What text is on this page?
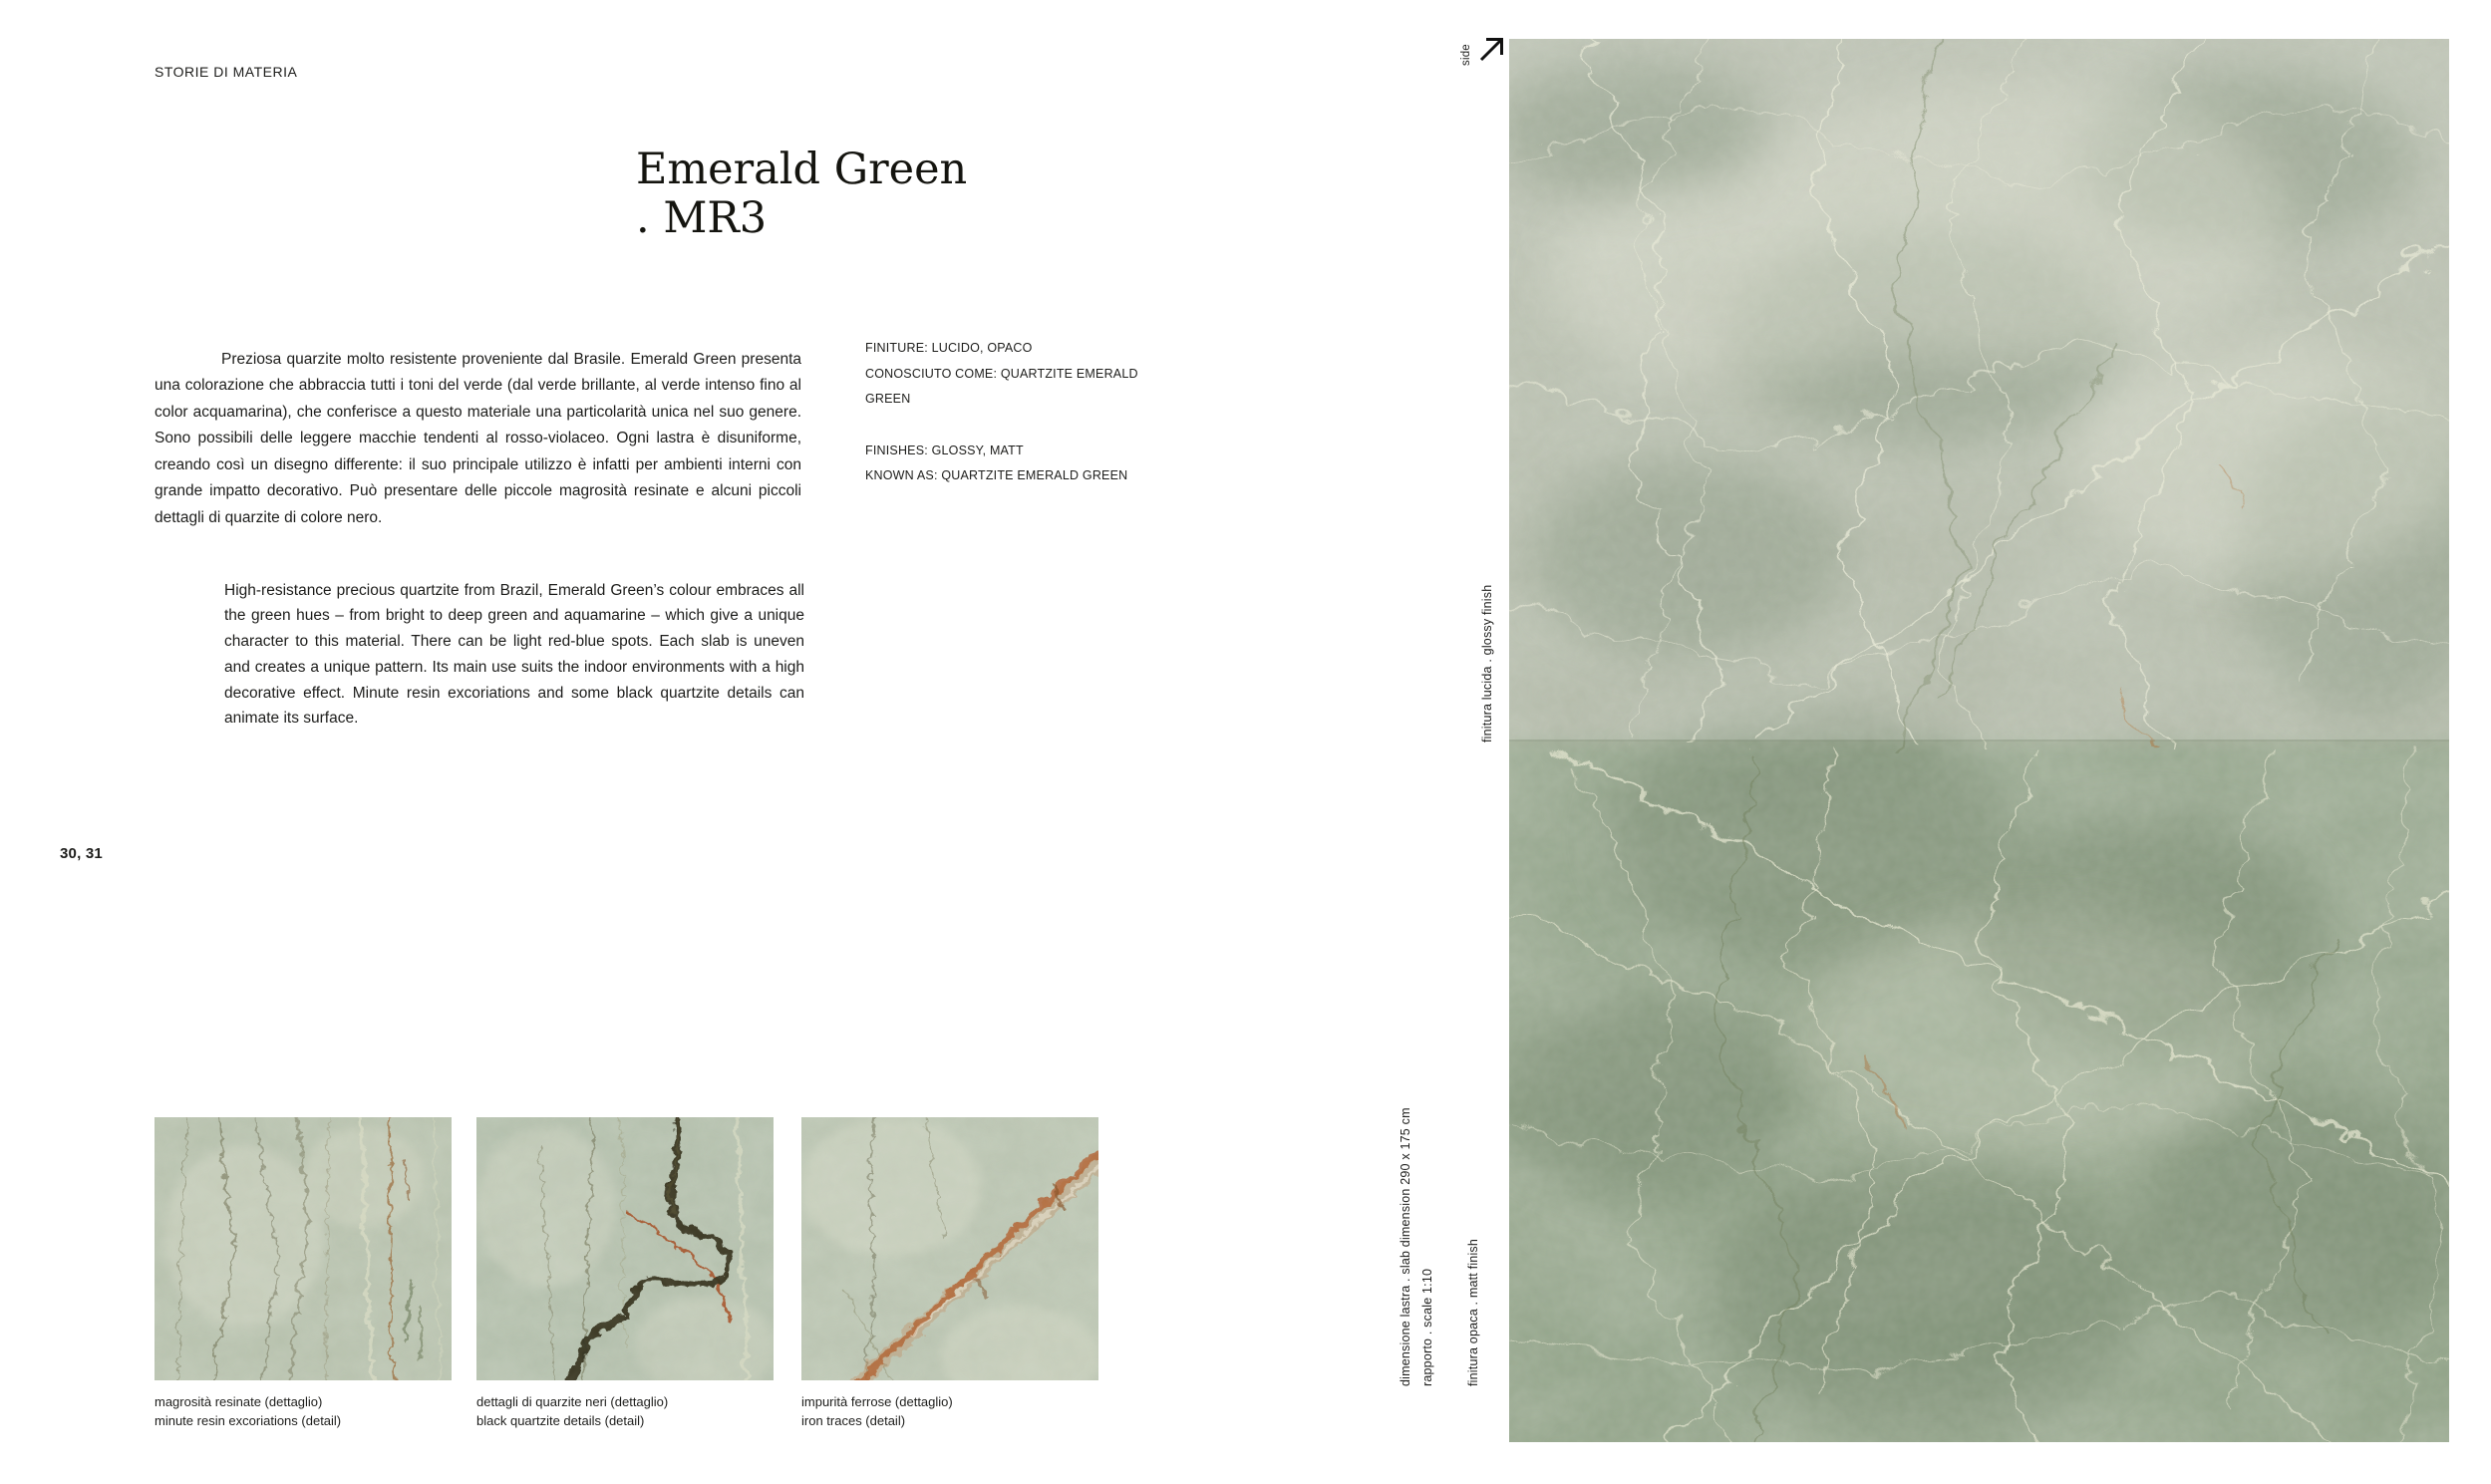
STORIE DI MATERIA
Emerald Green
. MR3

Preziosa quarzite molto resistente proveniente dal Brasile. Emerald Green presenta una colorazione che abbraccia tutti i toni del verde (dal verde brillante, al verde intenso fino al color acquamarina), che conferisce a questo materiale una particolarità unica nel suo genere. Sono possibili delle leggere macchie tendenti al rosso-violaceo. Ogni lastra è disuniforme, creando così un disegno differente: il suo principale utilizzo è infatti per ambienti interni con grande impatto decorativo. Può presentare delle piccole magrosità resinate e alcuni piccoli dettagli di quarzite di colore nero.

FINITURE: LUCIDO, OPACO
CONOSCIUTO COME: QUARTZITE EMERALD GREEN
FINISHES: GLOSSY, MATT
KNOWN AS: QUARTZITE EMERALD GREEN

High-resistance precious quartzite from Brazil, Emerald Green’s colour embraces all the green hues – from bright to deep green and aquamarine – which give a unique character to this material. There can be light red-blue spots. Each slab is uneven and creates a unique pattern. Its main use suits the indoor environments with a high decorative effect. Minute resin excoriations and some black quartzite details can animate its surface.

30, 31
magrosità resinate (dettaglio)
minute resin excoriations (detail)
dettagli di quarzite neri (dettaglio)
black quartzite details (detail)
impurità ferrose (dettaglio)
iron traces (detail)
side
finitura lucida . glossy finish
dimensione lastra . slab dimension 290 x 175 cm rapporto . scale 1:10	finitura opaca . matt finish
